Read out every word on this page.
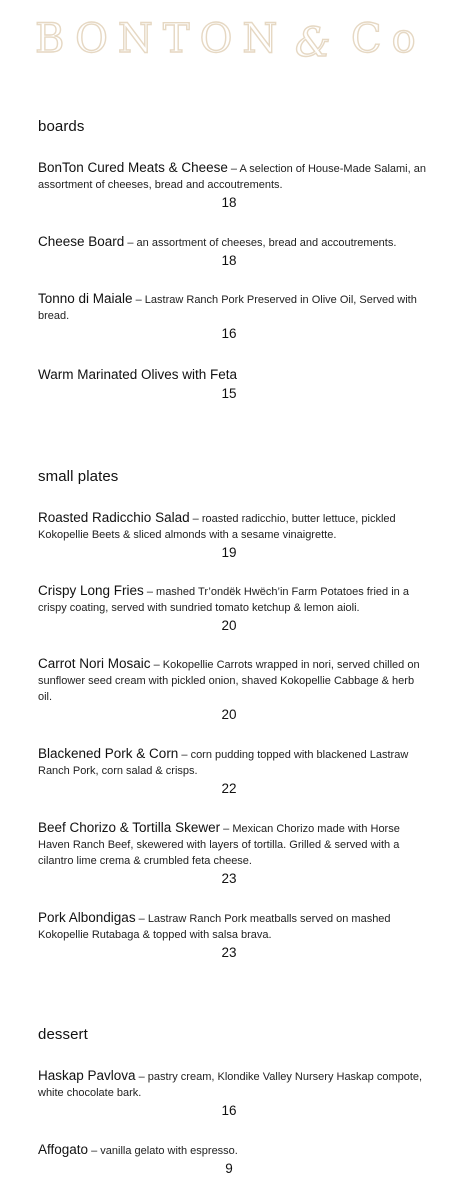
BONTON & Co
boards
BonTon Cured Meats & Cheese – A selection of House-Made Salami, an assortment of cheeses, bread and accoutrements.
18
Cheese Board – an assortment of cheeses, bread and accoutrements.
18
Tonno di Maiale – Lastraw Ranch Pork Preserved in Olive Oil, Served with bread.
16
Warm Marinated Olives with Feta
15
small plates
Roasted Radicchio Salad – roasted radicchio, butter lettuce, pickled Kokopellie Beets & sliced almonds with a sesame vinaigrette.
19
Crispy Long Fries – mashed Tr’ondëk Hwëch’in Farm Potatoes fried in a crispy coating, served with sundried tomato ketchup & lemon aioli.
20
Carrot Nori Mosaic – Kokopellie Carrots wrapped in nori, served chilled on sunflower seed cream with pickled onion, shaved Kokopellie Cabbage & herb oil.
20
Blackened Pork & Corn – corn pudding topped with blackened Lastraw Ranch Pork, corn salad & crisps.
22
Beef Chorizo & Tortilla Skewer – Mexican Chorizo made with Horse Haven Ranch Beef, skewered with layers of tortilla. Grilled & served with a cilantro lime crema & crumbled feta cheese.
23
Pork Albondigas – Lastraw Ranch Pork meatballs served on mashed Kokopellie Rutabaga & topped with salsa brava.
23
dessert
Haskap Pavlova – pastry cream, Klondike Valley Nursery Haskap compote, white chocolate bark.
16
Affogato – vanilla gelato with espresso.
9
